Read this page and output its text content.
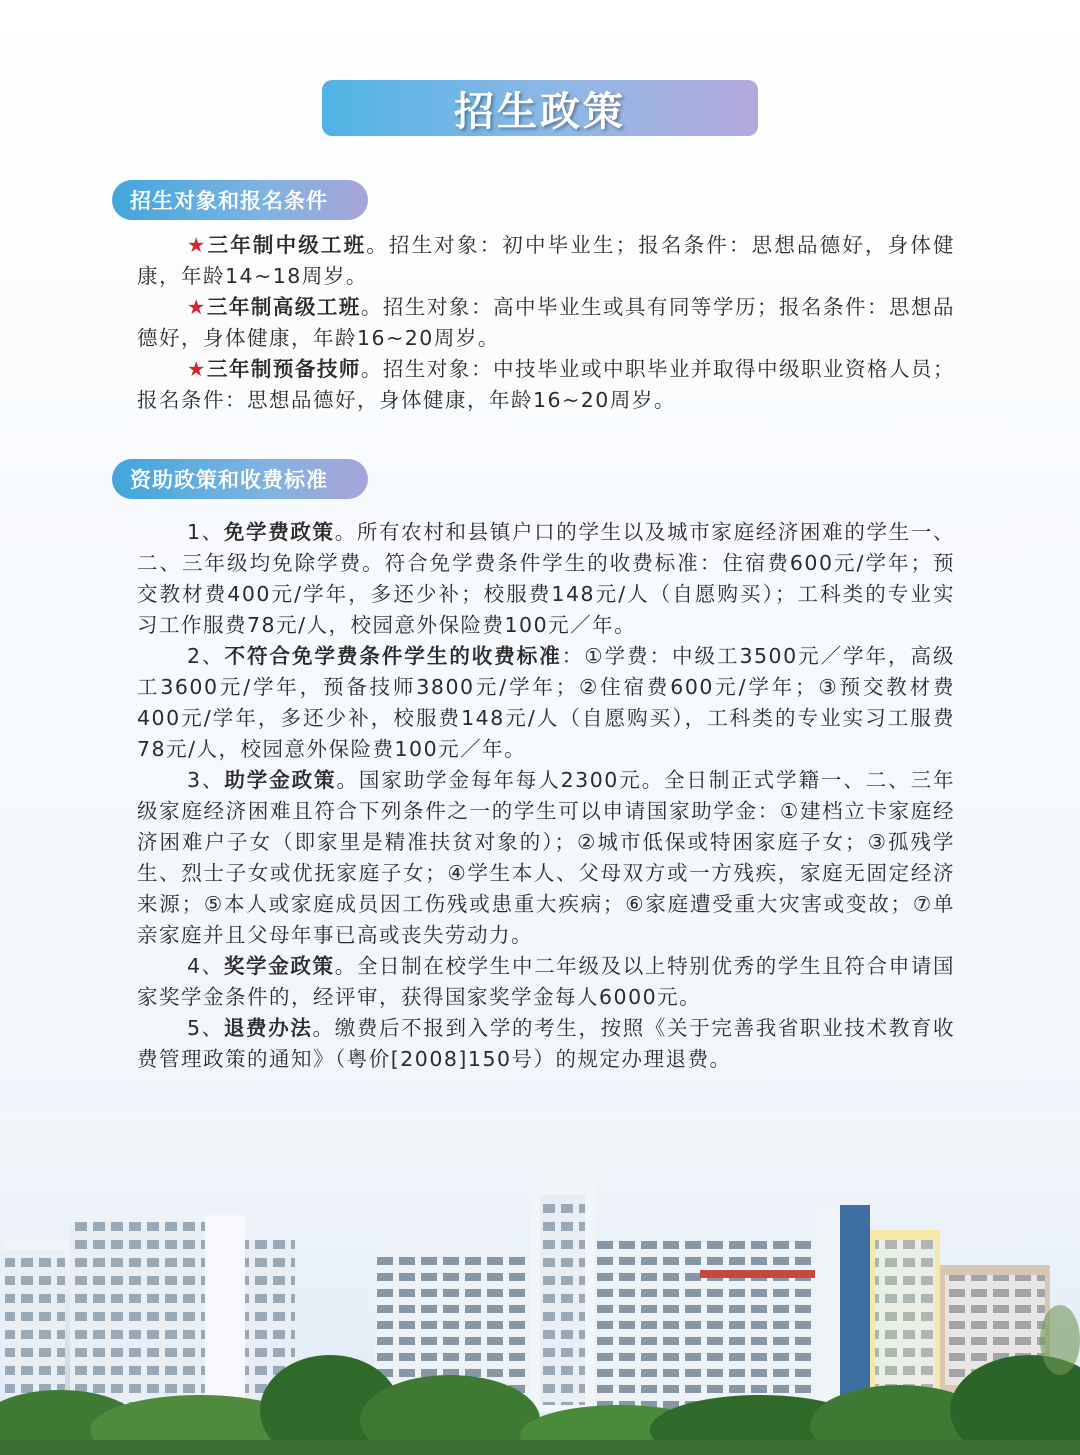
招生政策
招生对象和报名条件

★三年制中级工班。招生对象：初中毕业生；报名条件：思想品德好，身体健康，年龄14~18周岁。

★三年制高级工班。招生对象：高中毕业生或具有同等学历；报名条件：思想品德好，身体健康，年龄16~20周岁。

★三年制预备技师。招生对象：中技毕业或中职毕业并取得中级职业资格人员；报名条件：思想品德好，身体健康，年龄16~20周岁。

资助政策和收费标准

1、免学费政策。所有农村和县镇户口的学生以及城市家庭经济困难的学生一、二、三年级均免除学费。符合免学费条件学生的收费标准：住宿费600元/学年；预交教材费400元/学年，多还少补；校服费148元/人（自愿购买）；工科类的专业实习工作服费78元/人，校园意外保险费100元／年。

2、不符合免学费条件学生的收费标准：①学费：中级工3500元／学年，高级工3600元/学年，预备技师3800元/学年；②住宿费600元/学年；③预交教材费400元/学年，多还少补，校服费148元/人（自愿购买），工科类的专业实习工服费78元/人，校园意外保险费100元／年。

3、助学金政策。国家助学金每年每人2300元。全日制正式学籍一、二、三年级家庭经济困难且符合下列条件之一的学生可以申请国家助学金：①建档立卡家庭经济困难户子女（即家里是精准扶贫对象的）；②城市低保或特困家庭子女；③孤残学生、烈士子女或优抚家庭子女；④学生本人、父母双方或一方残疾，家庭无固定经济来源；⑤本人或家庭成员因工伤残或患重大疾病；⑥家庭遭受重大灾害或变故；⑦单亲家庭并且父母年事已高或丧失劳动力。

4、奖学金政策。全日制在校学生中二年级及以上特别优秀的学生且符合申请国家奖学金条件的，经评审，获得国家奖学金每人6000元。

5、退费办法。缴费后不报到入学的考生，按照《关于完善我省职业技术教育收费管理政策的通知》（粤价[2008]150号）的规定办理退费。
